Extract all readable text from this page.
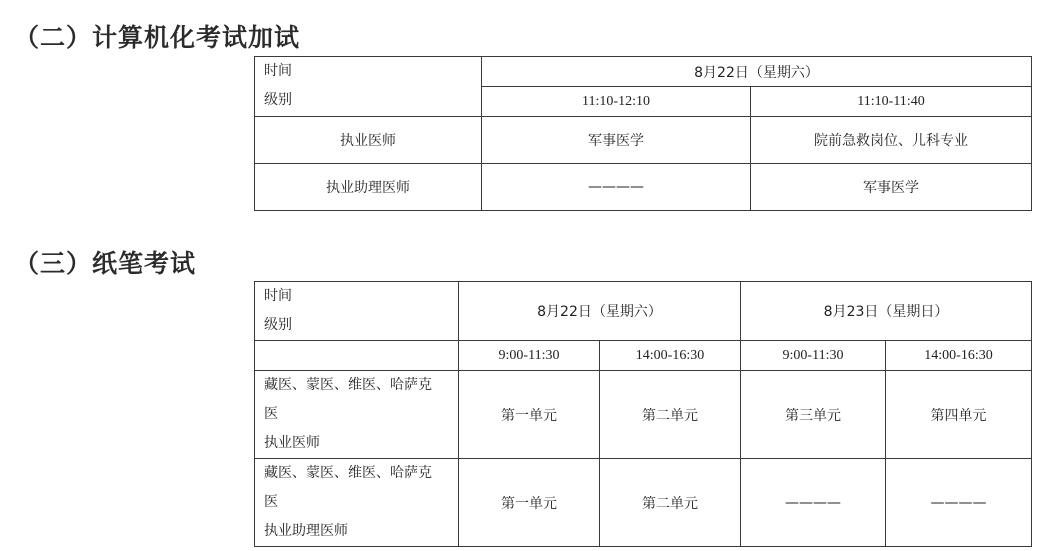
（二）计算机化考试加试
时间
级别	8月22日（星期六）	
	11:10-12:10	11:10-11:40
执业医师	军事医学	院前急救岗位、儿科专业
执业助理医师	————	军事医学
（三）纸笔考试
时间
级别	8月22日（星期六）		8月23日（星期日）	
	9:00-11:30	14:00-16:30	9:00-11:30	14:00-16:30

藏医、蒙医、维医、哈萨克
医
执业医师	第一单元	第二单元	第三单元	第四单元

藏医、蒙医、维医、哈萨克
医
执业助理医师	第一单元	第二单元	————	————
